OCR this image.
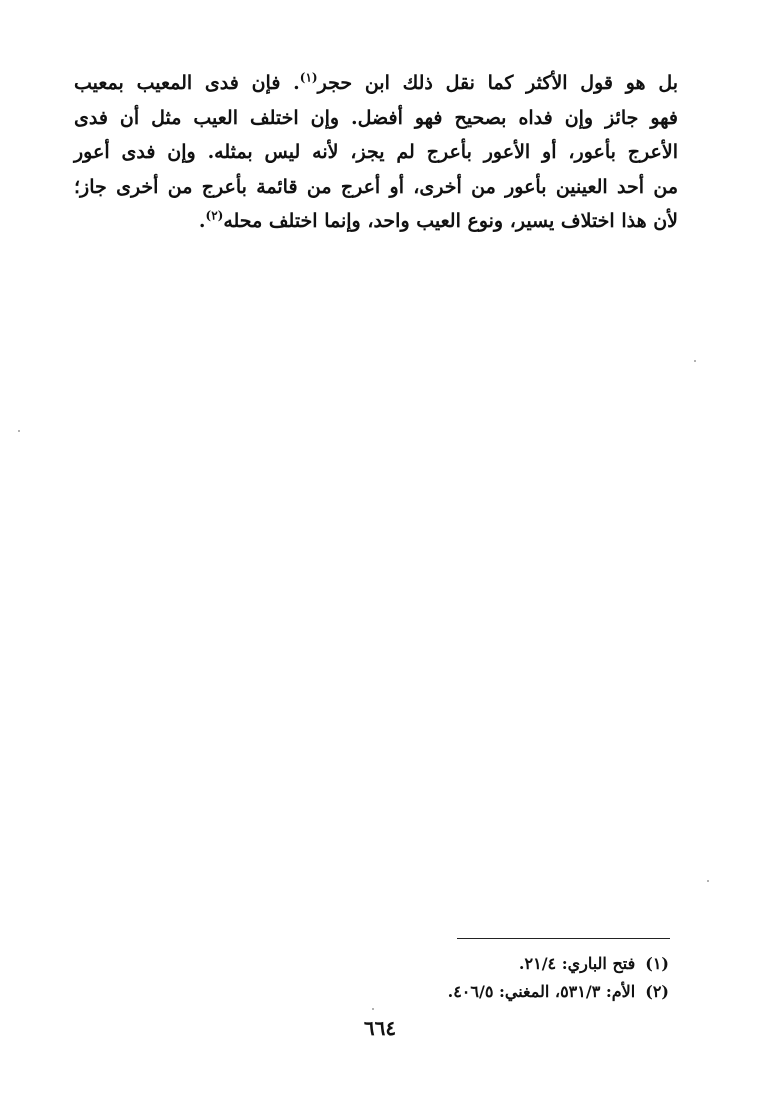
بل هو قول الأكثر كما نقل ذلك ابن حجر$^{(١)}$. فإن فدى المعيب بمعيب
فهو جائز وإن فداه بصحيح فهو أفضل. وإن اختلف العيب مثل أن فدى
الأعرج بأعور، أو الأعور بأعرج لم يجز، لأنه ليس بمثله. وإن فدى أعور
من أحد العينين بأعور من أخرى، أو أعرج من قائمة بأعرج من أخرى جاز؛
لأن هذا اختلاف يسير، ونوع العيب واحد، وإنما اختلف محله$^{(٢)}$.
(١)فتح الباري: ٢١/٤.
(٢)الأم: ٥٣١/٣، المغني: ٤٠٦/٥.
٦٦٤
